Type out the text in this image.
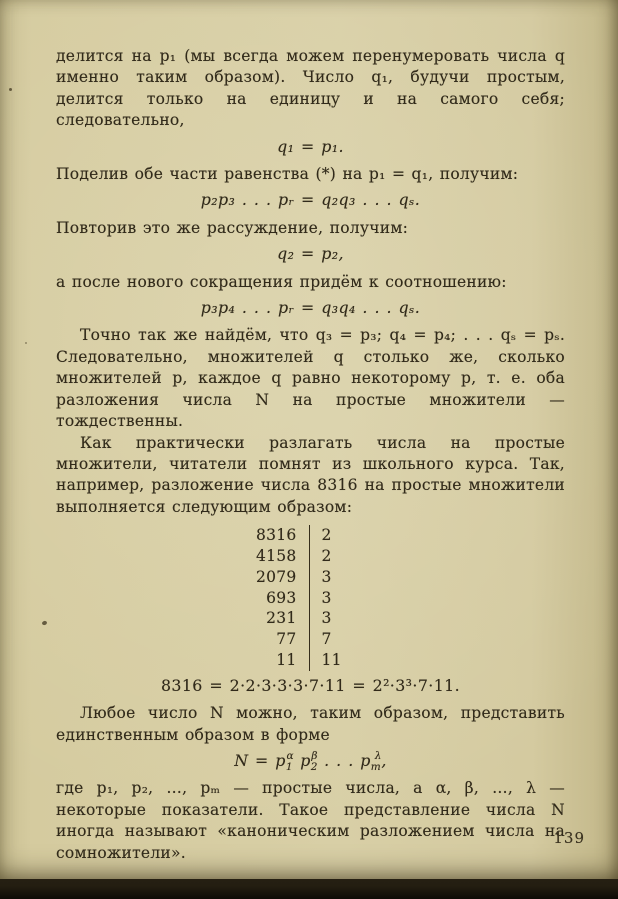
делится на p₁ (мы всегда можем перенумеровать числа q именно таким образом). Число q₁, будучи простым, делится только на единицу и на самого себя; следовательно,

q₁ = p₁.

Поделив обе части равенства (*) на p₁ = q₁, получим:

p₂p₃ . . . pᵣ = q₂q₃ . . . qₛ.

Повторив это же рассуждение, получим:

q₂ = p₂,

а после нового сокращения придём к соотношению:

p₃p₄ . . . pᵣ = q₃q₄ . . . qₛ.

Точно так же найдём, что q₃ = p₃; q₄ = p₄; . . . qₛ = pₛ. Следовательно, множителей q столько же, сколько множителей p, каждое q равно некоторому p, т. е. оба разложения числа N на простые множители — тождественны.

Как практически разлагать числа на простые множители, читатели помнят из школьного курса. Так, например, разложение числа 8316 на простые множители выполняется следующим образом:

8316	2
4158	2
2079	3
693	3
231	3
77	7
11	11
8316 = 2·2·3·3·3·7·11 = 2²·3³·7·11.

Любое число N можно, таким образом, представить единственным образом в форме

$N = p_1^\alpha$ $p_2^\beta$ . . . $p_m^\lambda$,

где p₁, p₂, …, pₘ — простые числа, а α, β, …, λ — некоторые показатели. Такое представление числа N иногда называют «каноническим разложением числа на сомножители».

139
